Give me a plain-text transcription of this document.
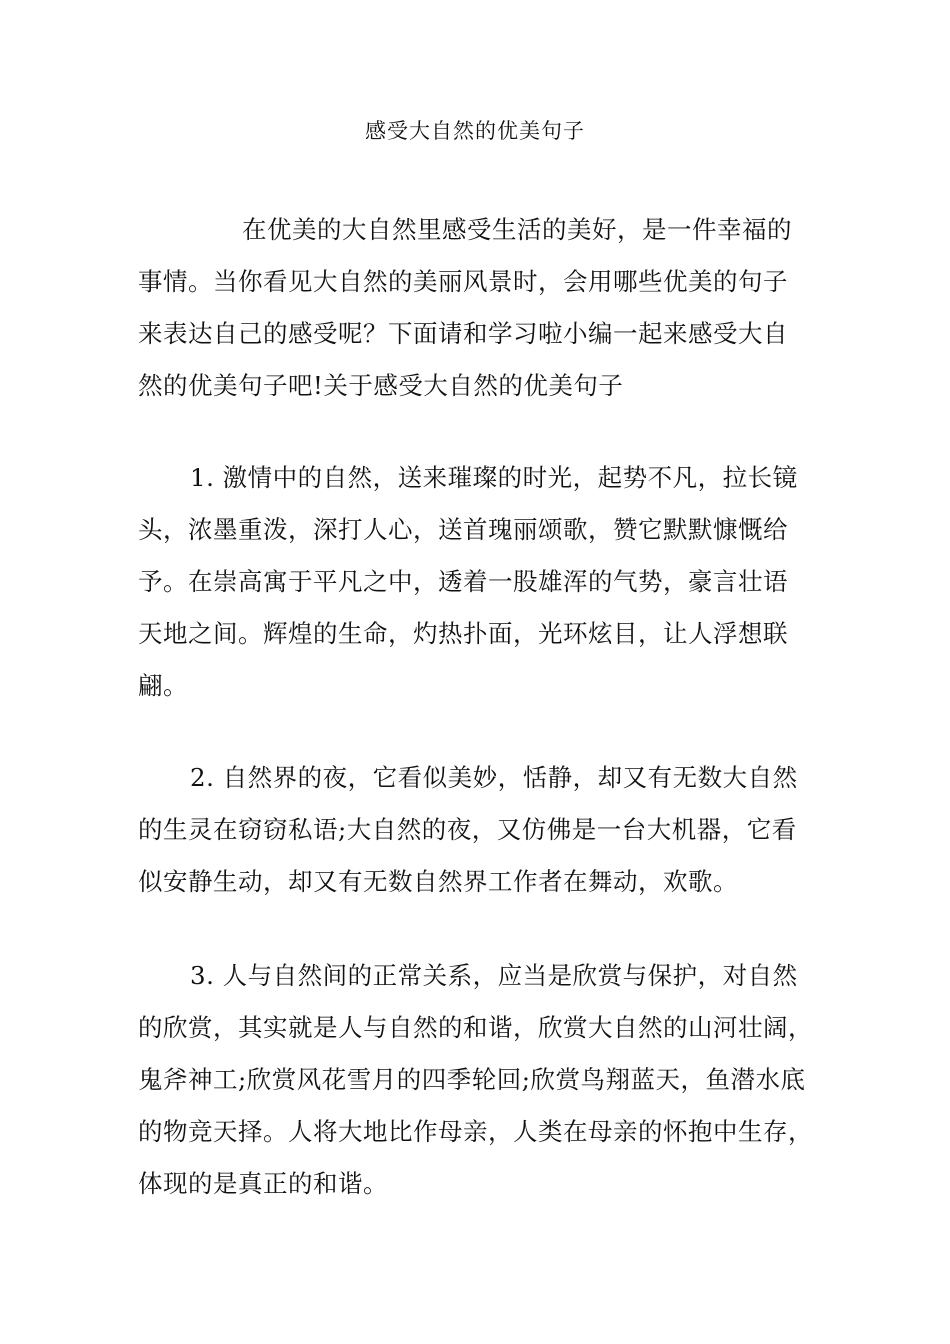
感受大自然的优美句子
在优美的大自然里感受生活的美好，是一件幸福的
事情。当你看见大自然的美丽风景时，会用哪些优美的句子
来表达自己的感受呢？下面请和学习啦小编一起来感受大自
然的优美句子吧!关于感受大自然的优美句子
1. 激情中的自然，送来璀璨的时光，起势不凡，拉长镜
头，浓墨重泼，深打人心，送首瑰丽颂歌，赞它默默慷慨给
予。在崇高寓于平凡之中，透着一股雄浑的气势，豪言壮语
天地之间。辉煌的生命，灼热扑面，光环炫目，让人浮想联
翩。
2. 自然界的夜，它看似美妙，恬静，却又有无数大自然
的生灵在窃窃私语;大自然的夜，又仿佛是一台大机器，它看
似安静生动，却又有无数自然界工作者在舞动，欢歌。
3. 人与自然间的正常关系，应当是欣赏与保护，对自然
的欣赏，其实就是人与自然的和谐，欣赏大自然的山河壮阔，
鬼斧神工;欣赏风花雪月的四季轮回;欣赏鸟翔蓝天，鱼潜水底
的物竞天择。人将大地比作母亲，人类在母亲的怀抱中生存，
体现的是真正的和谐。
